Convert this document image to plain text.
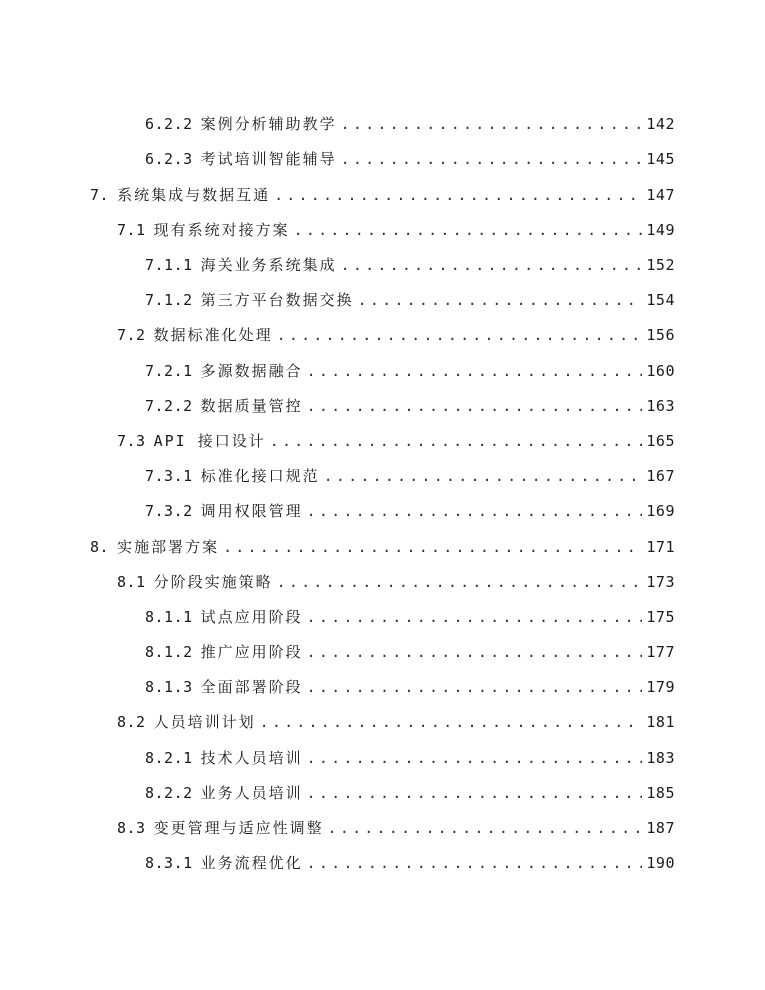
6.2.2 案例分析辅助教学 .....	142
6.2.3 考试培训智能辅导 .....	145
7. 系统集成与数据互通 .....	147
7.1 现有系统对接方案 .....	149
7.1.1 海关业务系统集成 .....	152
7.1.2 第三方平台数据交换 .....	154
7.2 数据标准化处理 .....	156
7.2.1 多源数据融合 .....	160
7.2.2 数据质量管控 .....	163
7.3 API 接口设计 .....	165
7.3.1 标准化接口规范 .....	167
7.3.2 调用权限管理 .....	169
8. 实施部署方案 .....	171
8.1 分阶段实施策略 .....	173
8.1.1 试点应用阶段 .....	175
8.1.2 推广应用阶段 .....	177
8.1.3 全面部署阶段 .....	179
8.2 人员培训计划 .....	181
8.2.1 技术人员培训 .....	183
8.2.2 业务人员培训 .....	185
8.3 变更管理与适应性调整 .....	187
8.3.1 业务流程优化 .....	190
